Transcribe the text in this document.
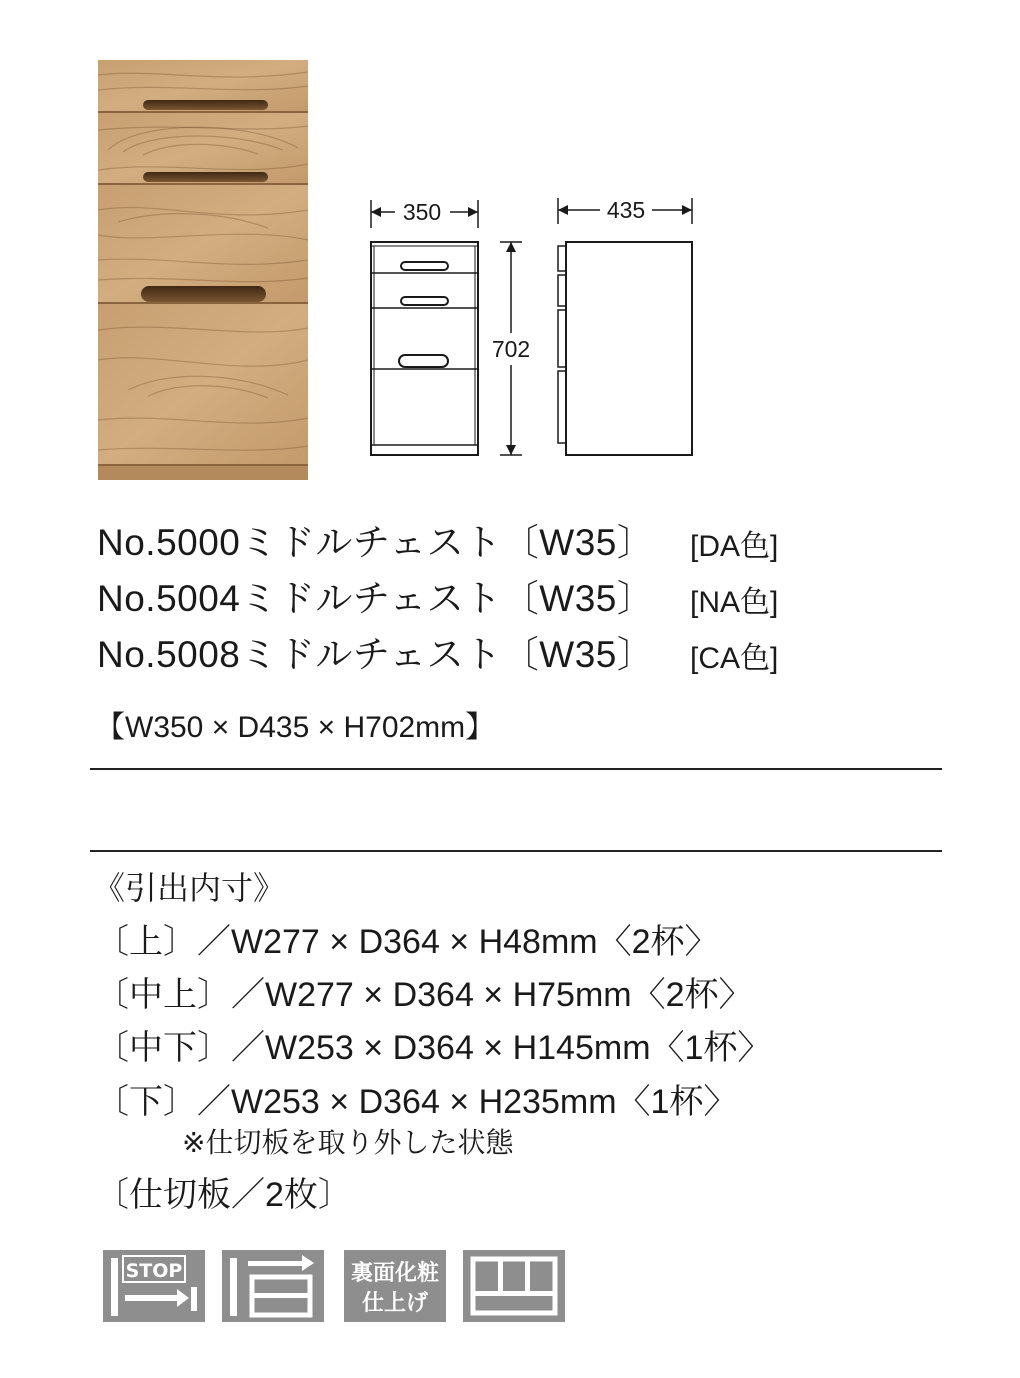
350	435
702
No.5000ミドルチェスト〔W35〕 [DA色]
No.5004ミドルチェスト〔W35〕 [NA色]
No.5008ミドルチェスト〔W35〕 [CA色]
【W350 × D435 × H702mm】
《引出内寸》
〔上〕／W277 × D364 × H48mm〈2杯〉
〔中上〕／W277 × D364 × H75mm〈2杯〉
〔中下〕／W253 × D364 × H145mm〈1杯〉
〔下〕／W253 × D364 × H235mm〈1杯〉
※仕切板を取り外した状態
〔仕切板／2枚〕
STOP	裏面化粧
仕上げ
